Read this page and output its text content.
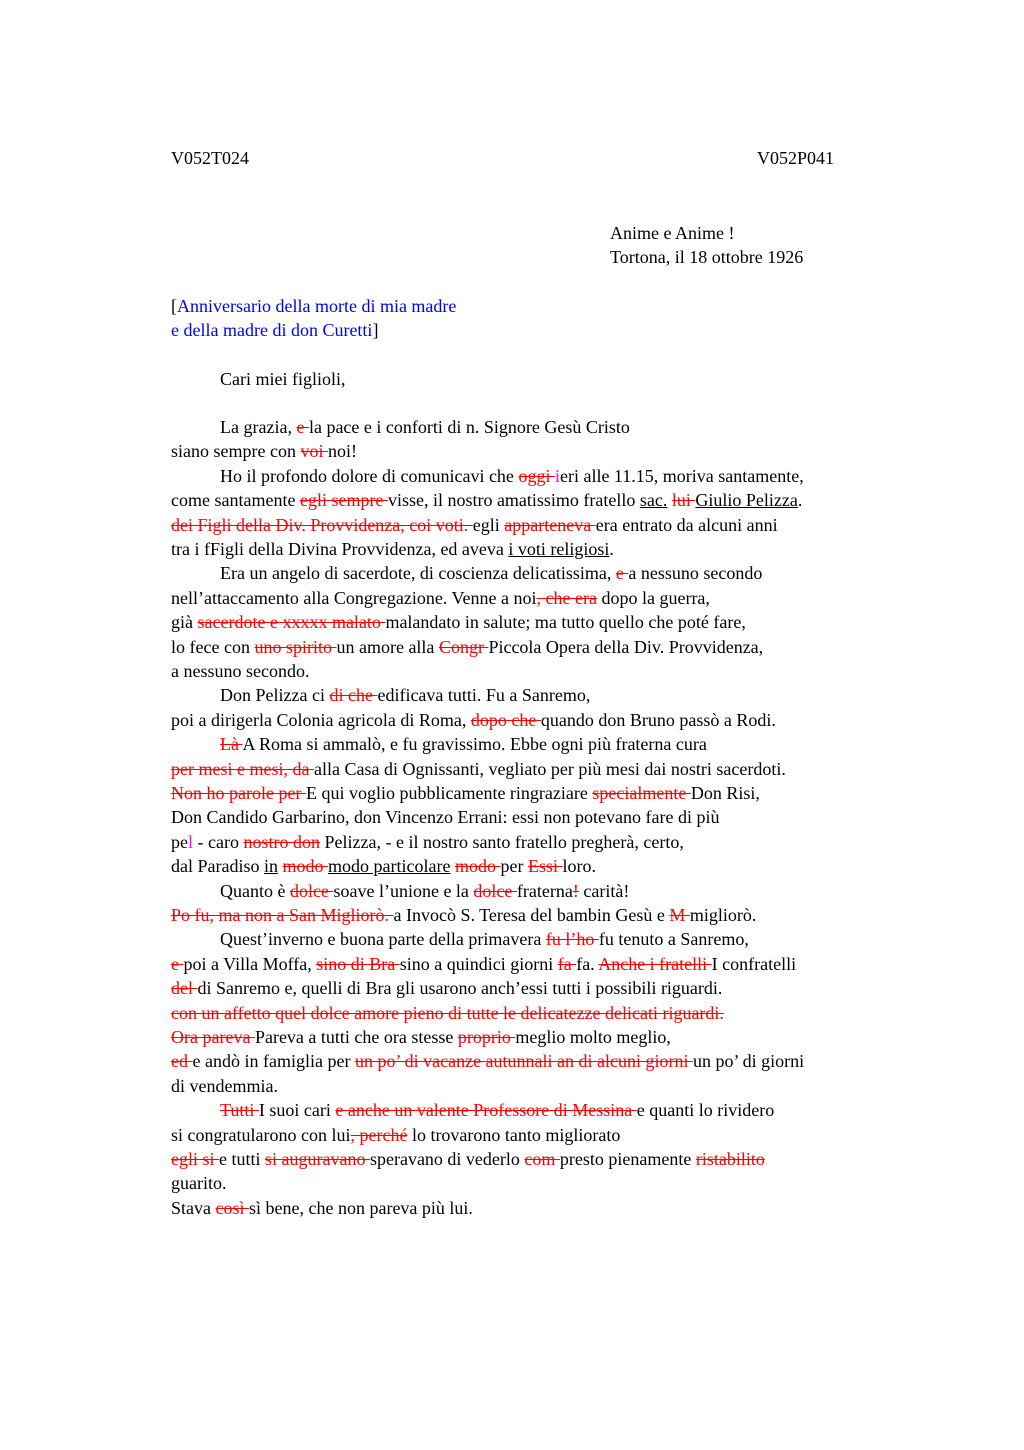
V052T024	V052P041
Anime e Anime !
Tortona, il 18 ottobre 1926
[Anniversario della morte di mia madre
e della madre di don Curetti]
Cari miei figlioli,
La grazia, e la pace e i conforti di n. Signore Gesù Cristo
siano sempre con voi noi!
Ho il profondo dolore di comunicavi che oggi ieri alle 11.15, moriva santamente,
come santamente egli sempre visse, il nostro amatissimo fratello sac. lui Giulio Pelizza.
dei Figli della Div. Provvidenza, coi voti. egli apparteneva era entrato da alcuni anni
tra i fFigli della Divina Provvidenza, ed aveva i voti religiosi.
Era un angelo di sacerdote, di coscienza delicatissima, e a nessuno secondo
nell’attaccamento alla Congregazione. Venne a noi, che era dopo la guerra,
già sacerdote e xxxxx malato malandato in salute; ma tutto quello che poté fare,
lo fece con uno spirito un amore alla Congr Piccola Opera della Div. Provvidenza,
a nessuno secondo.
Don Pelizza ci di che edificava tutti. Fu a Sanremo,
poi a dirigerla Colonia agricola di Roma, dopo che quando don Bruno passò a Rodi.
Là A Roma si ammalò, e fu gravissimo. Ebbe ogni più fraterna cura
per mesi e mesi, da alla Casa di Ognissanti, vegliato per più mesi dai nostri sacerdoti.
Non ho parole per E qui voglio pubblicamente ringraziare specialmente Don Risi,
Don Candido Garbarino, don Vincenzo Errani: essi non potevano fare di più
pel - caro nostro don Pelizza, - e il nostro santo fratello pregherà, certo,
dal Paradiso in modo modo particolare modo per Essi loro.
Quanto è dolce soave l’unione e la dolce fraterna! carità!
Po fu, ma non a San Migliorò. a Invocò S. Teresa del bambin Gesù e M migliorò.
Quest’inverno e buona parte della primavera fu l’ho fu tenuto a Sanremo,
e poi a Villa Moffa, sino di Bra sino a quindici giorni fa fa. Anche i fratelli I confratelli
del di Sanremo e, quelli di Bra gli usarono anch’essi tutti i possibili riguardi.
con un affetto quel dolce amore pieno di tutte le delicatezze delicati riguardi.
Ora pareva Pareva a tutti che ora stesse proprio meglio molto meglio,
ed e andò in famiglia per un po’ di vacanze autunnali an di alcuni giorni un po’ di giorni
di vendemmia.
Tutti I suoi cari e anche un valente Professore di Messina e quanti lo rividero
si congratularono con lui, perché lo trovarono tanto migliorato
egli si e tutti si auguravano speravano di vederlo com presto pienamente ristabilito
guarito.
Stava così sì bene, che non pareva più lui.
